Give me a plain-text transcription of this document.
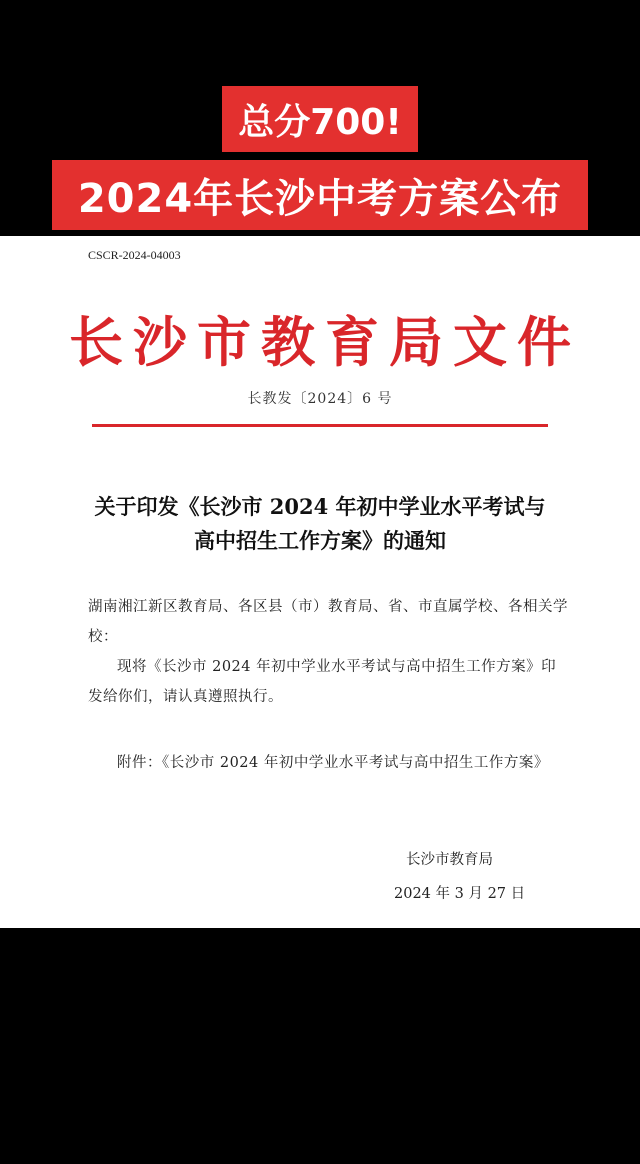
总分700!
2024年长沙中考方案公布
CSCR-2024-04003
长沙市教育局文件
长教发〔2024〕6 号
关于印发《长沙市 2024 年初中学业水平考试与
高中招生工作方案》的通知
湖南湘江新区教育局、各区县（市）教育局、省、市直属学校、各相关学校：
现将《长沙市 2024 年初中学业水平考试与高中招生工作方案》印发给你们，请认真遵照执行。
附件：《长沙市 2024 年初中学业水平考试与高中招生工作方案》
长沙市教育局
2024 年 3 月 27 日
